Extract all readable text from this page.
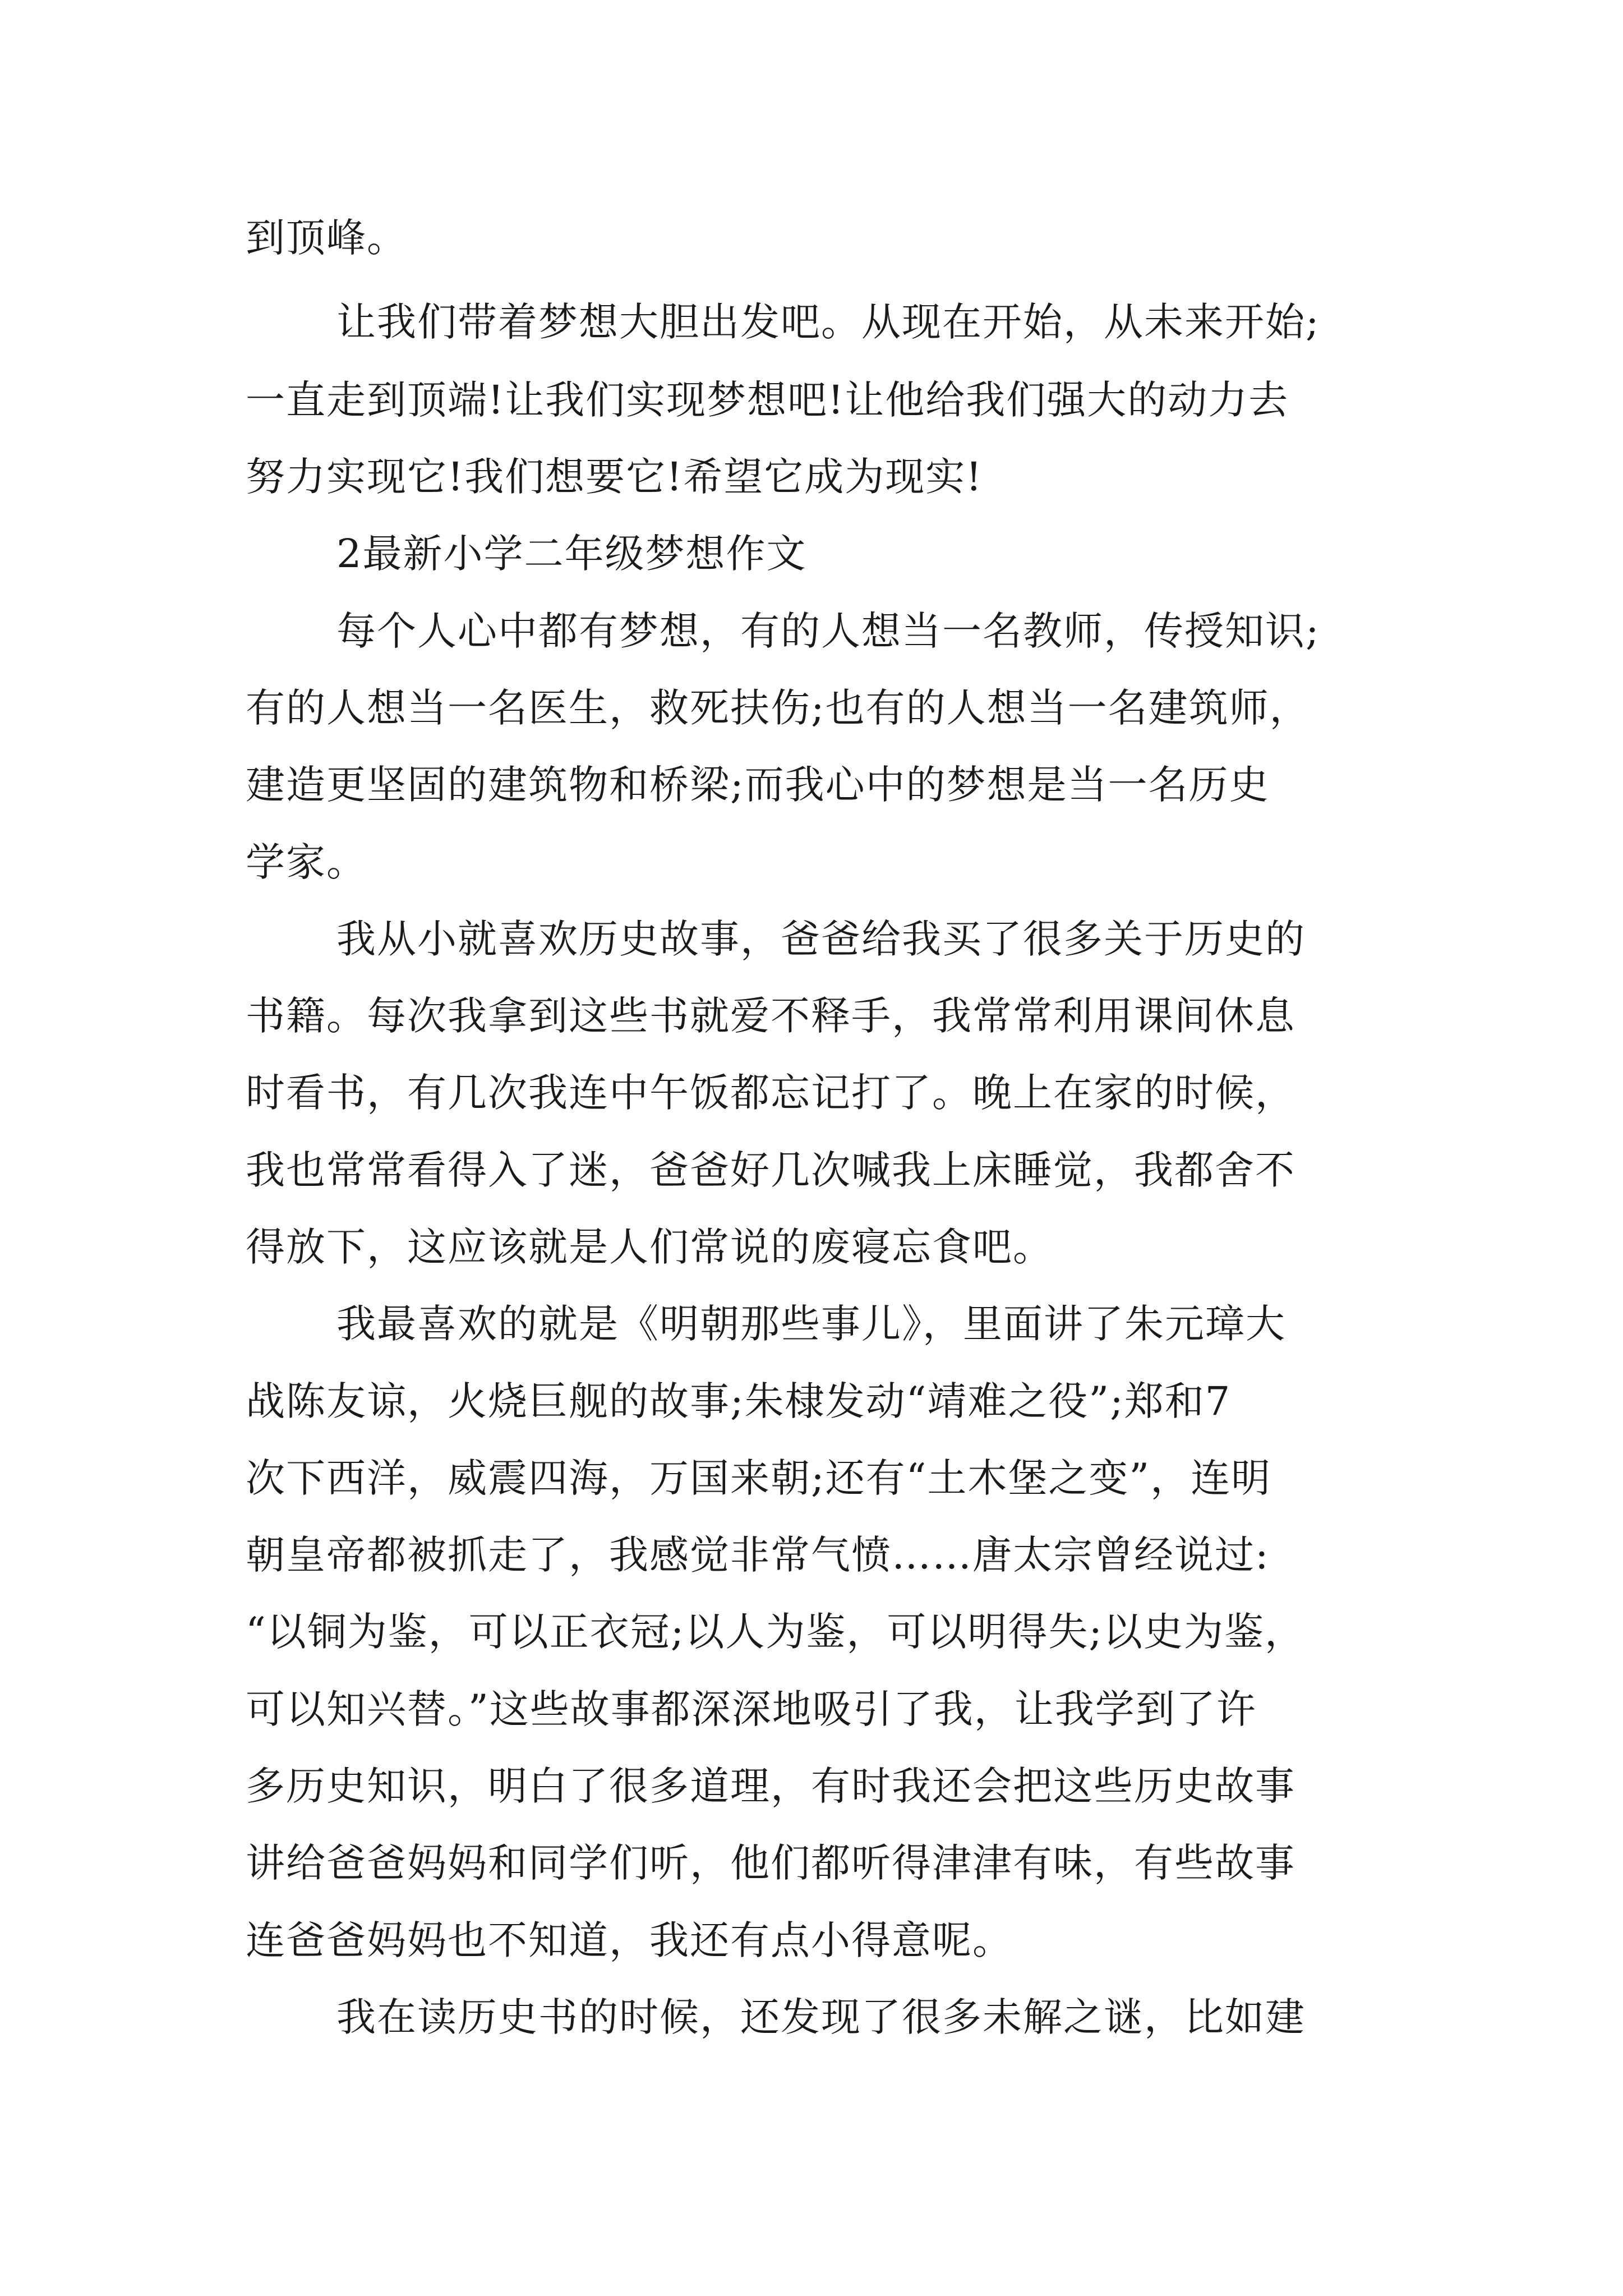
到顶峰。
让我们带着梦想大胆出发吧。从现在开始，从未来开始;
一直走到顶端!让我们实现梦想吧!让他给我们强大的动力去
努力实现它!我们想要它!希望它成为现实!
2最新小学二年级梦想作文
每个人心中都有梦想，有的人想当一名教师，传授知识;
有的人想当一名医生，救死扶伤;也有的人想当一名建筑师，
建造更坚固的建筑物和桥梁;而我心中的梦想是当一名历史
学家。
我从小就喜欢历史故事，爸爸给我买了很多关于历史的
书籍。每次我拿到这些书就爱不释手，我常常利用课间休息
时看书，有几次我连中午饭都忘记打了。晚上在家的时候，
我也常常看得入了迷，爸爸好几次喊我上床睡觉，我都舍不
得放下，这应该就是人们常说的废寝忘食吧。
我最喜欢的就是《明朝那些事儿》，里面讲了朱元璋大
战陈友谅，火烧巨舰的故事;朱棣发动“靖难之役”;郑和7
次下西洋，威震四海，万国来朝;还有“土木堡之变”，连明
朝皇帝都被抓走了，我感觉非常气愤……唐太宗曾经说过:
“以铜为鉴，可以正衣冠;以人为鉴，可以明得失;以史为鉴，
可以知兴替。”这些故事都深深地吸引了我，让我学到了许
多历史知识，明白了很多道理，有时我还会把这些历史故事
讲给爸爸妈妈和同学们听，他们都听得津津有味，有些故事
连爸爸妈妈也不知道，我还有点小得意呢。
我在读历史书的时候，还发现了很多未解之谜，比如建
